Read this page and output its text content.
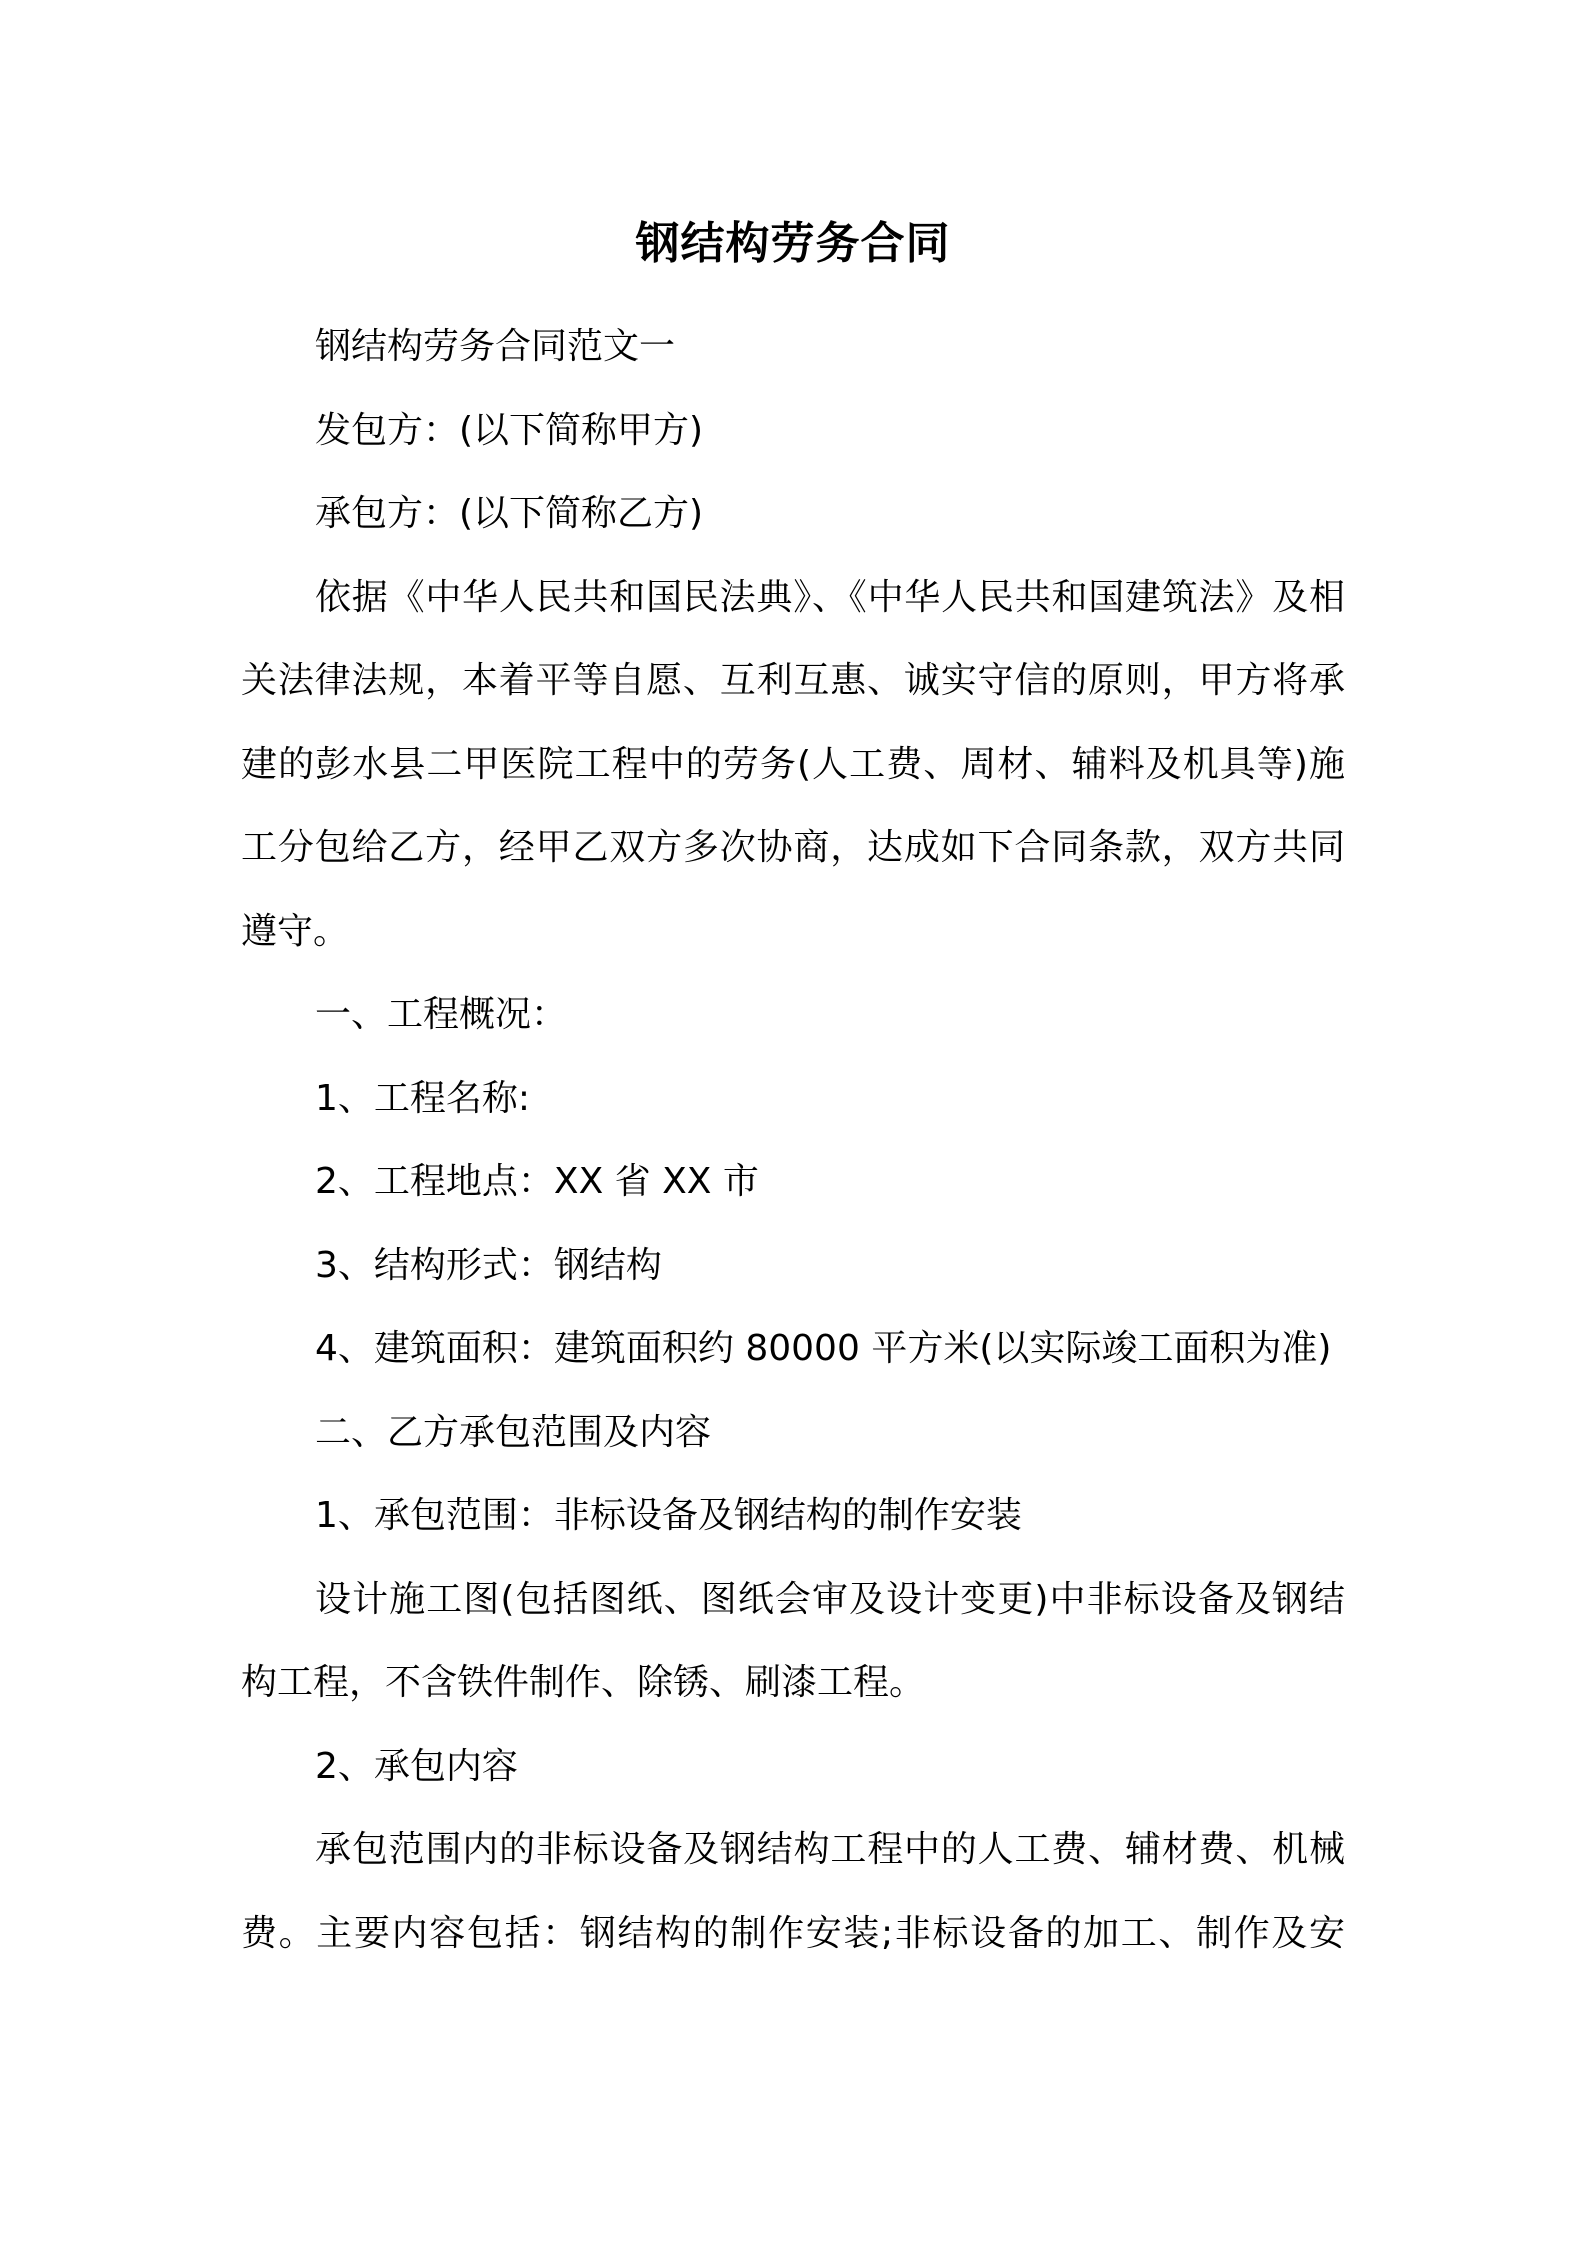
钢结构劳务合同

钢结构劳务合同范文一

发包方：(以下简称甲方)

承包方：(以下简称乙方)

依据《中华人民共和国民法典》、《中华人民共和国建筑法》及相关法律法规，本着平等自愿、互利互惠、诚实守信的原则，甲方将承建的彭水县二甲医院工程中的劳务(人工费、周材、辅料及机具等)施工分包给乙方，经甲乙双方多次协商，达成如下合同条款，双方共同遵守。

一、工程概况：

1、工程名称:

2、工程地点：XX 省 XX 市

3、结构形式：钢结构

4、建筑面积：建筑面积约 80000 平方米(以实际竣工面积为准)

二、乙方承包范围及内容

1、承包范围：非标设备及钢结构的制作安装

设计施工图(包括图纸、图纸会审及设计变更)中非标设备及钢结构工程，不含铁件制作、除锈、刷漆工程。

2、承包内容

承包范围内的非标设备及钢结构工程中的人工费、辅材费、机械费。主要内容包括：钢结构的制作安装;非标设备的加工、制作及安
